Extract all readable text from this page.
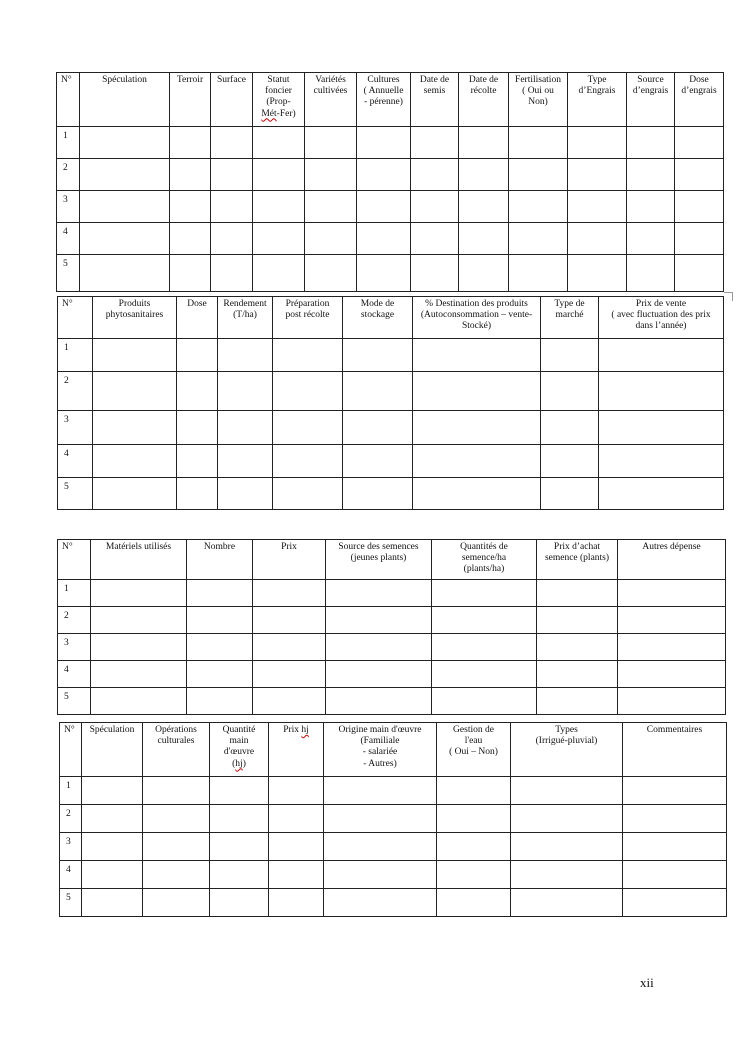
N°	Spéculation	Terroir	Surface	Statut
foncier
(Prop-
Mét-Fer)	Variétés
cultivées	Cultures
( Annuelle
- pérenne)	Date de
semis	Date de
récolte	Fertilisation
( Oui ou
Non)	Type
d’Engrais	Source
d’engrais	Dose
d’engrais
1												
2												
3												
4												
5												
N°	Produits
phytosanitaires	Dose	Rendement
(T/ha)	Préparation
post récolte	Mode de
stockage	% Destination des produits
(Autoconsommation – vente-
Stocké)	Type de
marché	Prix de vente
( avec fluctuation des prix
dans l’année)
1								
2								
3								
4								
5								
N°	Matériels utilisés	Nombre	Prix	Source des semences
(jeunes plants)	Quantités de
semence/ha
(plants/ha)	Prix d’achat
semence (plants)	Autres dépense
1							
2							
3							
4							
5							
N°	Spéculation	Opérations
culturales	Quantité
main
d'œuvre
(hj)	Prix hj	Origine main d'œuvre
(Familiale
- salariée
- Autres)	Gestion de
l'eau
( Oui – Non)	Types
(Irrigué-pluvial)	Commentaires
1								
2								
3								
4								
5								
xii
